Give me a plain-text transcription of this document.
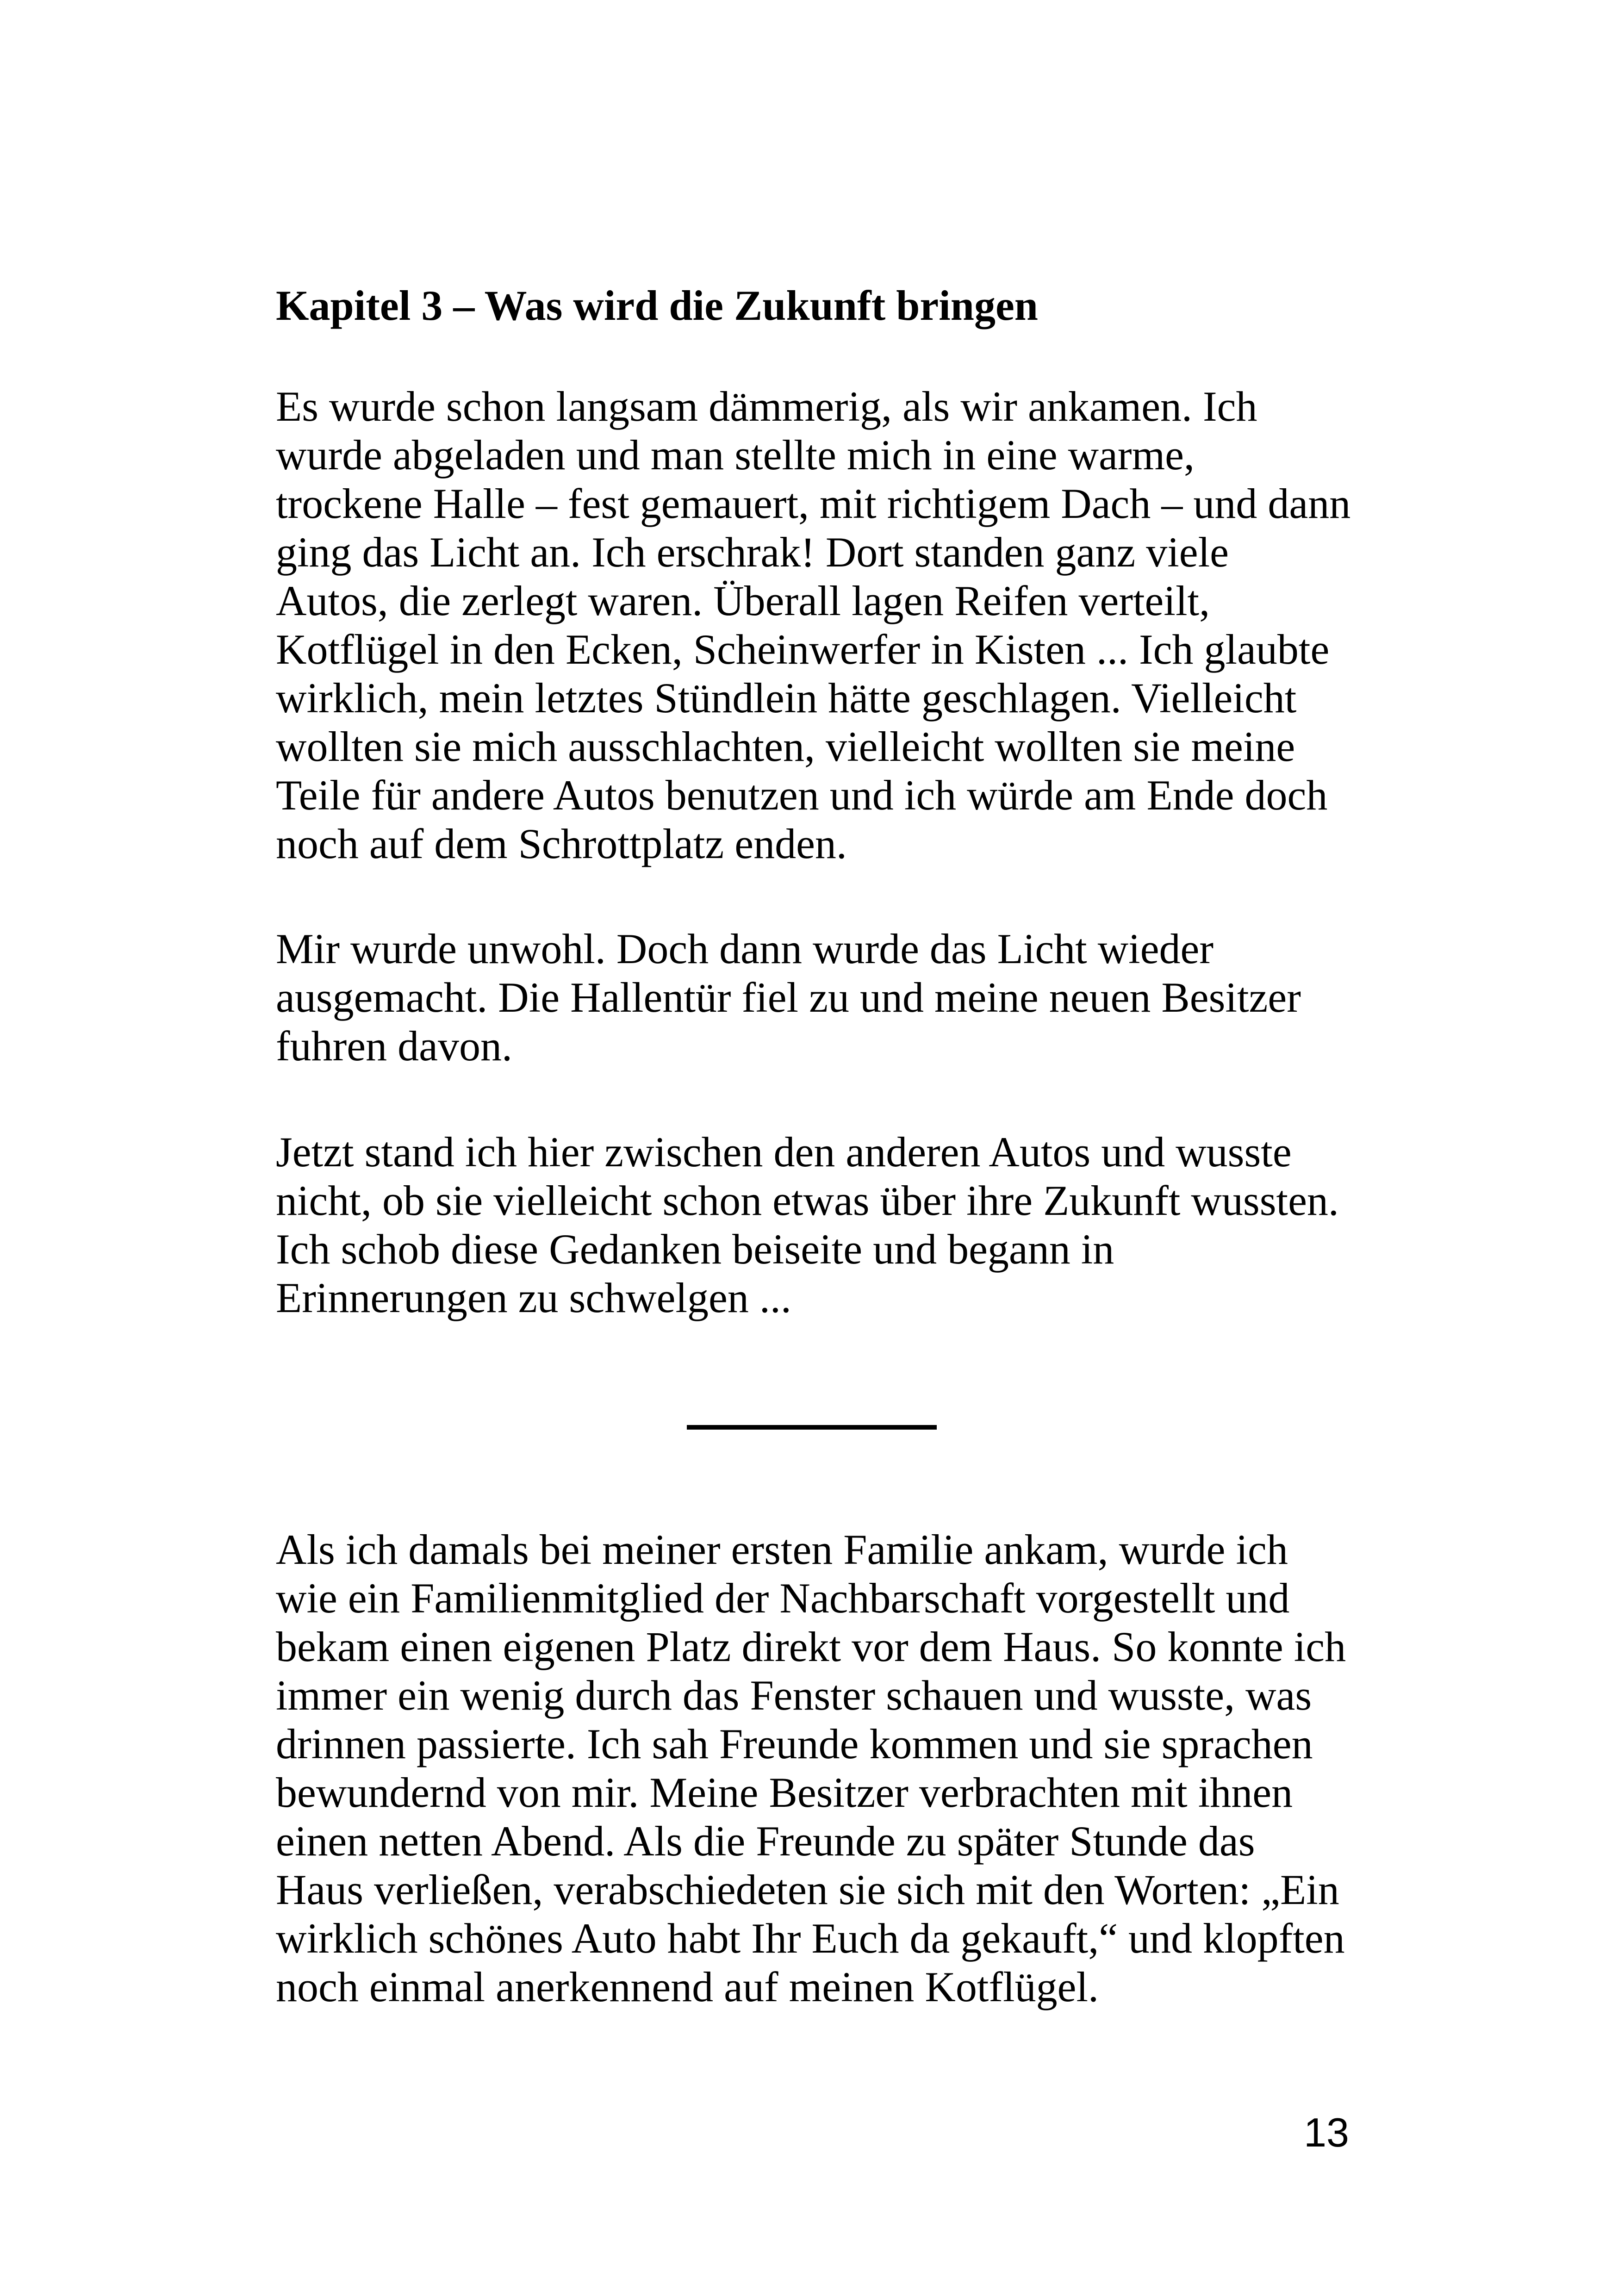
Kapitel 3 – Was wird die Zukunft bringen

Es wurde schon langsam dämmerig, als wir ankamen. Ich
wurde abgeladen und man stellte mich in eine warme,
trockene Halle – fest gemauert, mit richtigem Dach – und dann
ging das Licht an. Ich erschrak! Dort standen ganz viele
Autos, die zerlegt waren. Überall lagen Reifen verteilt,
Kotflügel in den Ecken, Scheinwerfer in Kisten ... Ich glaubte
wirklich, mein letztes Stündlein hätte geschlagen. Vielleicht
wollten sie mich ausschlachten, vielleicht wollten sie meine
Teile für andere Autos benutzen und ich würde am Ende doch
noch auf dem Schrottplatz enden.

Mir wurde unwohl. Doch dann wurde das Licht wieder
ausgemacht. Die Hallentür fiel zu und meine neuen Besitzer
fuhren davon.

Jetzt stand ich hier zwischen den anderen Autos und wusste
nicht, ob sie vielleicht schon etwas über ihre Zukunft wussten.
Ich schob diese Gedanken beiseite und begann in
Erinnerungen zu schwelgen ...

Als ich damals bei meiner ersten Familie ankam, wurde ich
wie ein Familienmitglied der Nachbarschaft vorgestellt und
bekam einen eigenen Platz direkt vor dem Haus. So konnte ich
immer ein wenig durch das Fenster schauen und wusste, was
drinnen passierte. Ich sah Freunde kommen und sie sprachen
bewundernd von mir. Meine Besitzer verbrachten mit ihnen
einen netten Abend. Als die Freunde zu später Stunde das
Haus verließen, verabschiedeten sie sich mit den Worten: „Ein
wirklich schönes Auto habt Ihr Euch da gekauft,“ und klopften
noch einmal anerkennend auf meinen Kotflügel.

13
